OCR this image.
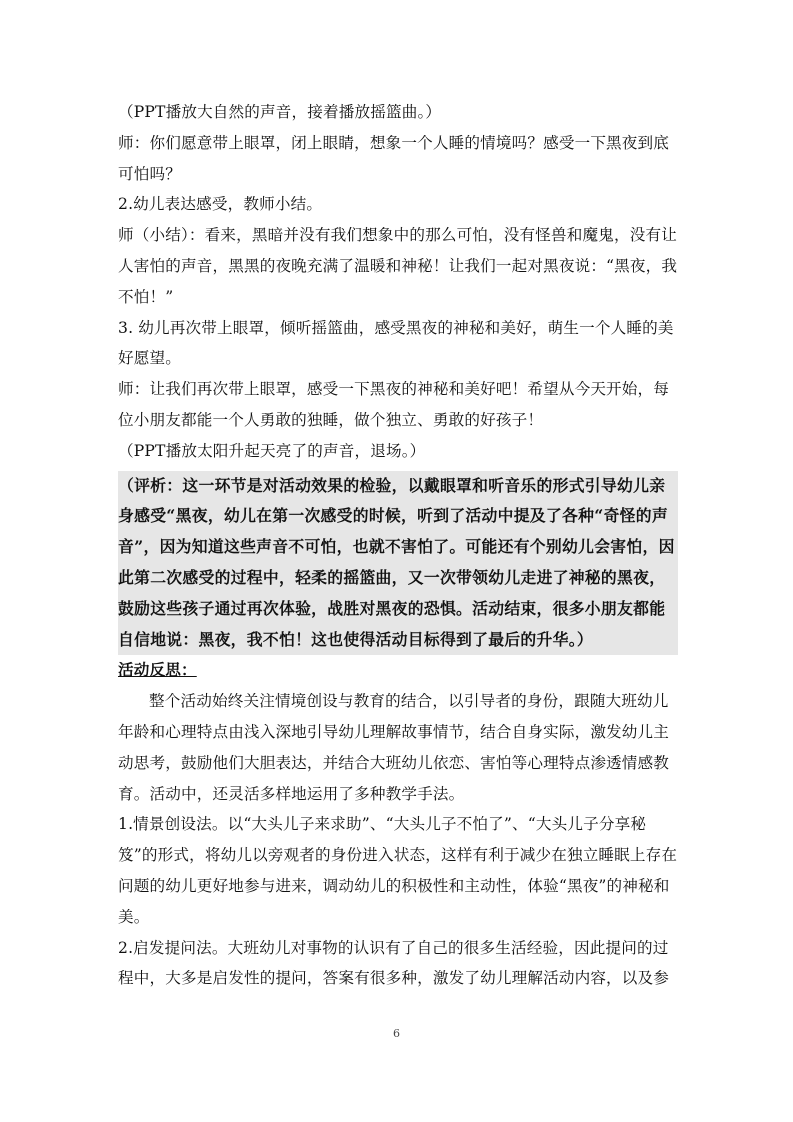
（PPT播放大自然的声音，接着播放摇篮曲。）

师：你们愿意带上眼罩，闭上眼睛，想象一个人睡的情境吗？感受一下黑夜到底可怕吗？

2.幼儿表达感受，教师小结。

师（小结）：看来，黑暗并没有我们想象中的那么可怕，没有怪兽和魔鬼，没有让人害怕的声音，黑黑的夜晚充满了温暖和神秘！让我们一起对黑夜说：“黑夜，我不怕！”

3. 幼儿再次带上眼罩，倾听摇篮曲，感受黑夜的神秘和美好，萌生一个人睡的美好愿望。

师：让我们再次带上眼罩，感受一下黑夜的神秘和美好吧！希望从今天开始，每位小朋友都能一个人勇敢的独睡，做个独立、勇敢的好孩子！

（PPT播放太阳升起天亮了的声音，退场。）

（评析：这一环节是对活动效果的检验，以戴眼罩和听音乐的形式引导幼儿亲身感受“黑夜，幼儿在第一次感受的时候，听到了活动中提及了各种“奇怪的声音”，因为知道这些声音不可怕，也就不害怕了。可能还有个别幼儿会害怕，因此第二次感受的过程中，轻柔的摇篮曲，又一次带领幼儿走进了神秘的黑夜，鼓励这些孩子通过再次体验，战胜对黑夜的恐惧。活动结束，很多小朋友都能自信地说：黑夜，我不怕！这也使得活动目标得到了最后的升华。）

活动反思：

整个活动始终关注情境创设与教育的结合，以引导者的身份，跟随大班幼儿年龄和心理特点由浅入深地引导幼儿理解故事情节，结合自身实际，激发幼儿主动思考，鼓励他们大胆表达，并结合大班幼儿依恋、害怕等心理特点渗透情感教育。活动中，还灵活多样地运用了多种教学手法。

1.情景创设法。以“大头儿子来求助”、“大头儿子不怕了”、“大头儿子分享秘笈”的形式，将幼儿以旁观者的身份进入状态，这样有利于减少在独立睡眠上存在问题的幼儿更好地参与进来，调动幼儿的积极性和主动性，体验“黑夜”的神秘和美。

2.启发提问法。大班幼儿对事物的认识有了自己的很多生活经验，因此提问的过程中，大多是启发性的提问，答案有很多种，激发了幼儿理解活动内容，以及参

6
